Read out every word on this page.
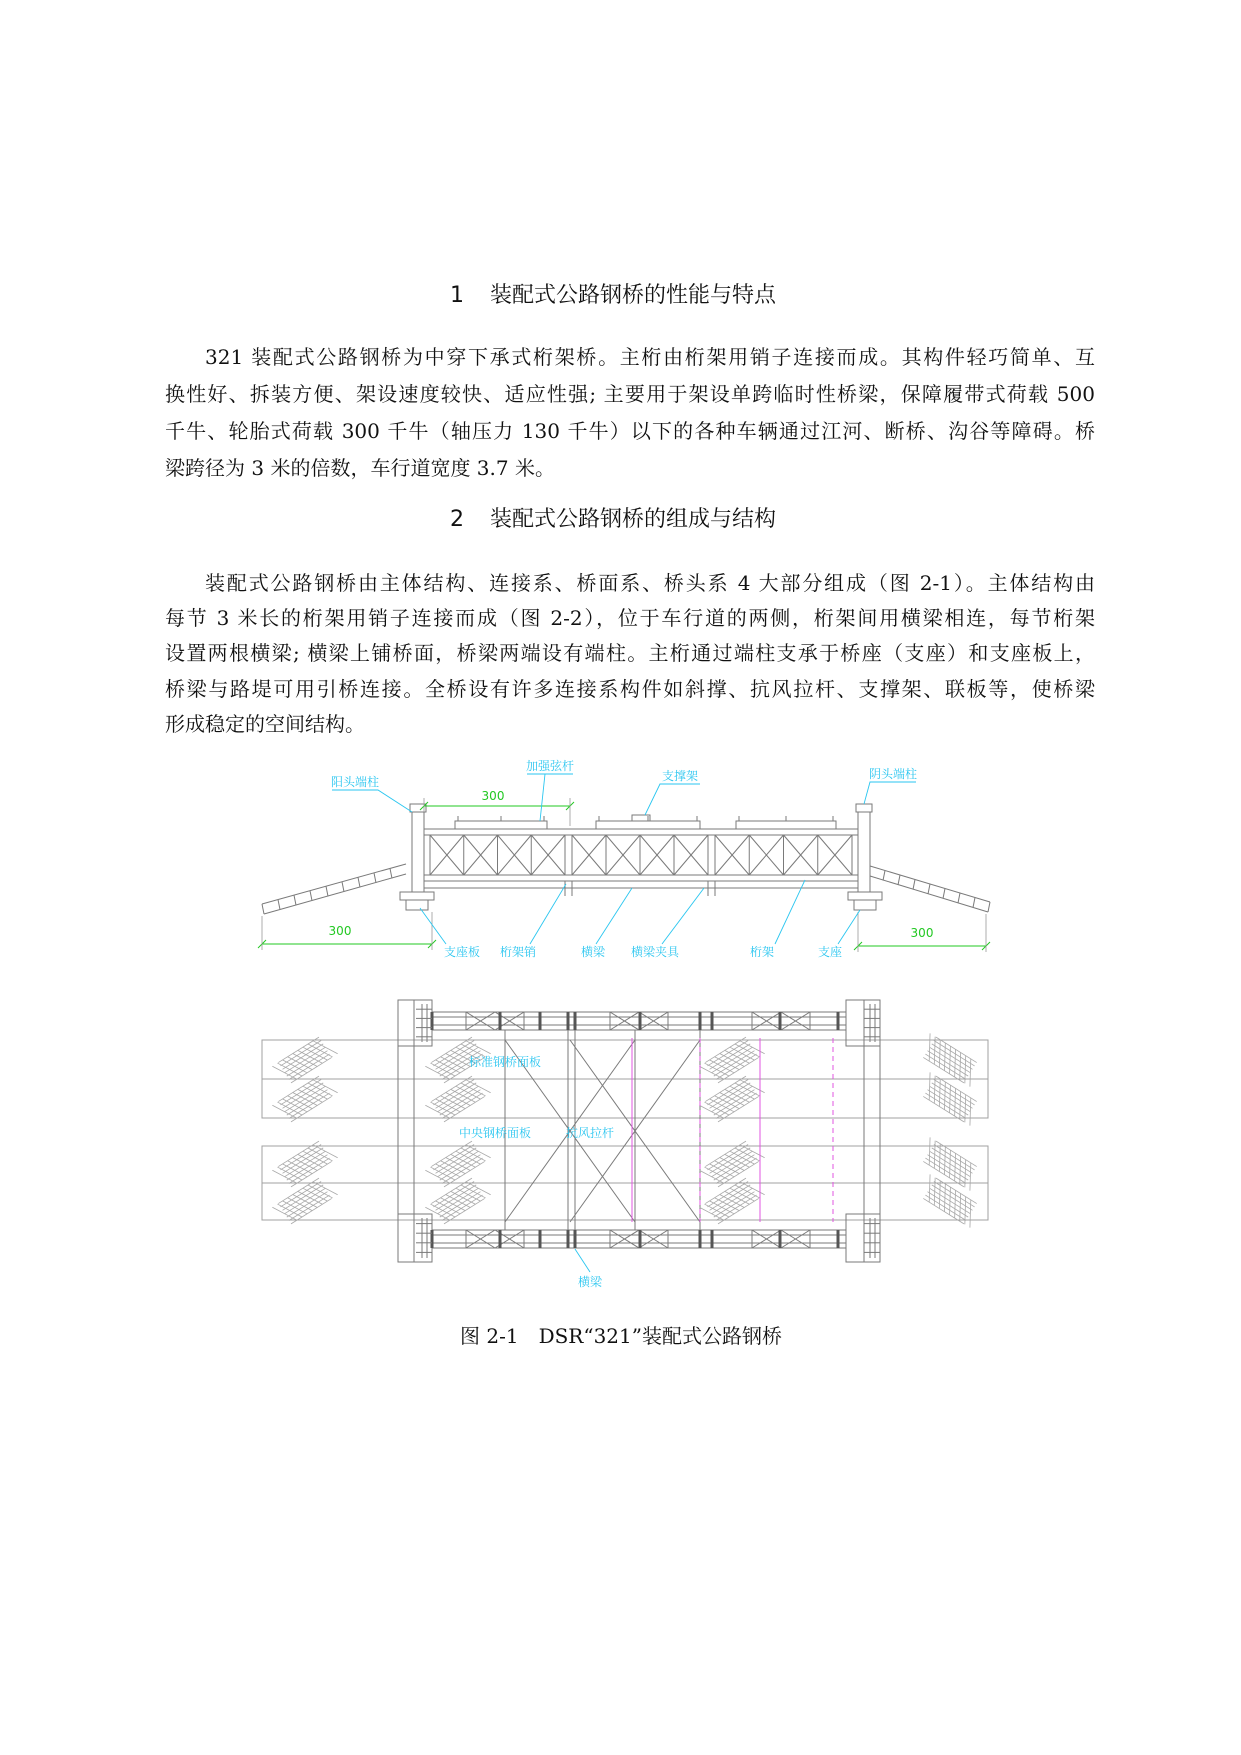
1 装配式公路钢桥的性能与特点
321 装配式公路钢桥为中穿下承式桁架桥。主桁由桁架用销子连接而成。其构件轻巧简单、互
换性好、拆装方便、架设速度较快、适应性强; 主要用于架设单跨临时性桥梁，保障履带式荷载 500
千牛、轮胎式荷载 300 千牛（轴压力 130 千牛）以下的各种车辆通过江河、断桥、沟谷等障碍。桥
梁跨径为 3 米的倍数，车行道宽度 3.7 米。
2 装配式公路钢桥的组成与结构
装配式公路钢桥由主体结构、连接系、桥面系、桥头系 4 大部分组成（图 2-1）。主体结构由
每节 3 米长的桁架用销子连接而成（图 2-2），位于车行道的两侧，桁架间用横梁相连，每节桁架
设置两根横梁; 横梁上铺桥面，桥梁两端设有端柱。主桁通过端柱支承于桥座（支座）和支座板上，
桥梁与路堤可用引桥连接。全桥设有许多连接系构件如斜撑、抗风拉杆、支撑架、联板等，使桥梁
形成稳定的空间结构。
300
300	300
阳头端柱
加强弦杆
支撑架	阴头端柱
支座板 桁架销	横梁 横梁夹具	桁架	支座
标准钢桥面板
中央钢桥面板	抗风拉杆
横梁
图 2-1　DSR“321”装配式公路钢桥
